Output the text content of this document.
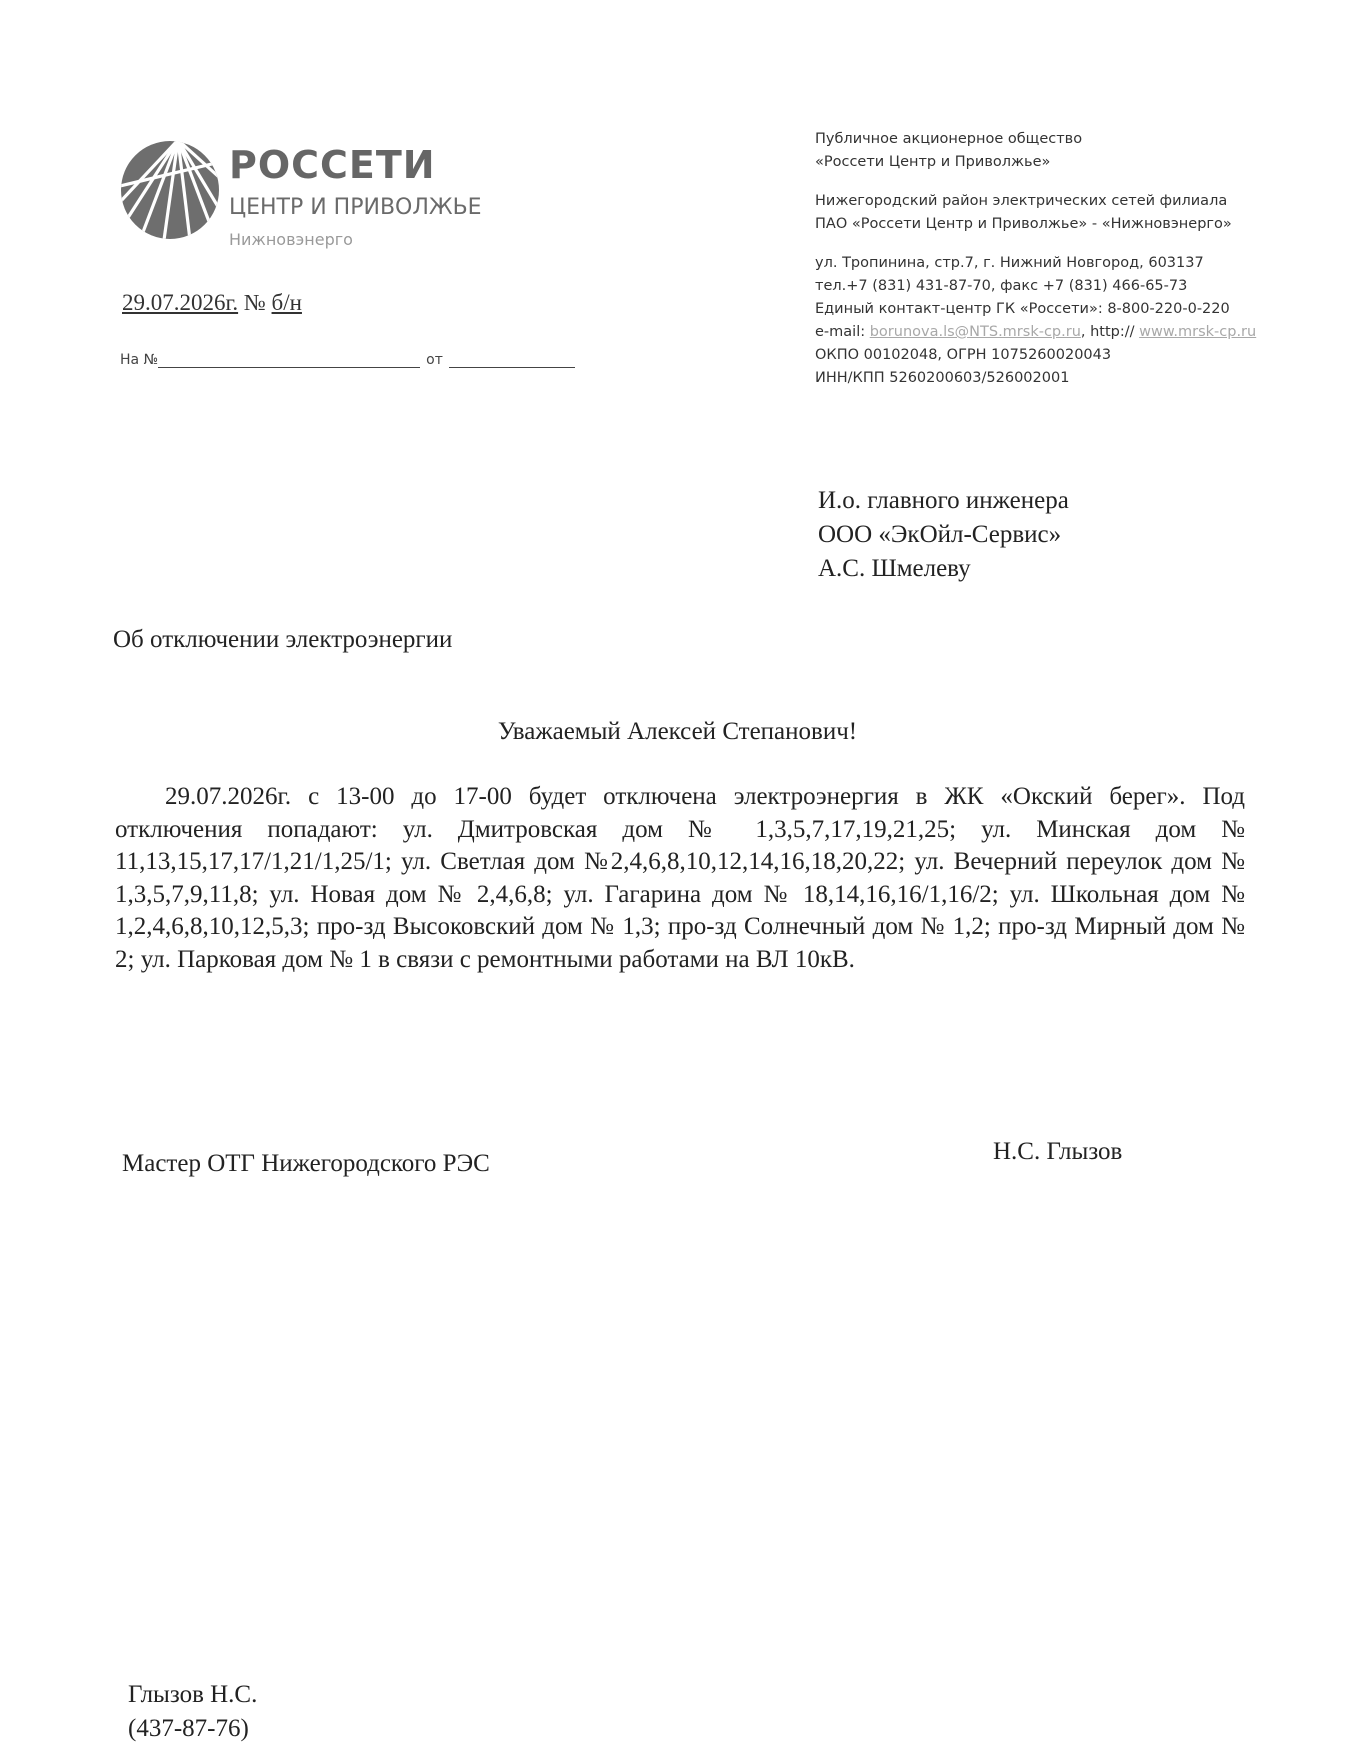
РОССЕТИ
ЦЕНТР И ПРИВОЛЖЬЕ
Нижновэнерго
29.07.2026г. № б/н
На №	от
Публичное акционерное общество
«Россети Центр и Приволжье»
Нижегородский район электрических сетей филиала
ПАО «Россети Центр и Приволжье» - «Нижновэнерго»
ул. Тропинина, стр.7, г. Нижний Новгород, 603137
тел.+7 (831) 431-87-70, факс +7 (831) 466-65-73
Единый контакт-центр ГК «Россети»: 8-800-220-0-220
e-mail: borunova.ls@NTS.mrsk-cp.ru, http:// www.mrsk-cp.ru
ОКПО 00102048, ОГРН 1075260020043
ИНН/КПП 5260200603/526002001
И.о. главного инженера
ООО «ЭкОйл-Сервис»
А.С. Шмелеву
Об отключении электроэнергии
Уважаемый Алексей Степанович!
29.07.2026г. с 13-00 до 17-00 будет отключена электроэнергия в ЖК «Окский берег». Под отключения попадают: ул. Дмитровская дом № 1,3,5,7,17,19,21,25; ул. Минская дом № 11,13,15,17,17/1,21/1,25/1; ул. Светлая дом №2,4,6,8,10,12,14,16,18,20,22; ул. Вечерний переулок дом № 1,3,5,7,9,11,8; ул. Новая дом № 2,4,6,8; ул. Гагарина дом № 18,14,16,16/1,16/2; ул. Школьная дом № 1,2,4,6,8,10,12,5,3; про-зд Высоковский дом № 1,3; про-зд Солнечный дом № 1,2; про-зд Мирный дом № 2; ул. Парковая дом № 1 в связи с ремонтными работами на ВЛ 10кВ.
Мастер ОТГ Нижегородского РЭС	Н.С. Глызов
Глызов Н.С.
(437-87-76)
